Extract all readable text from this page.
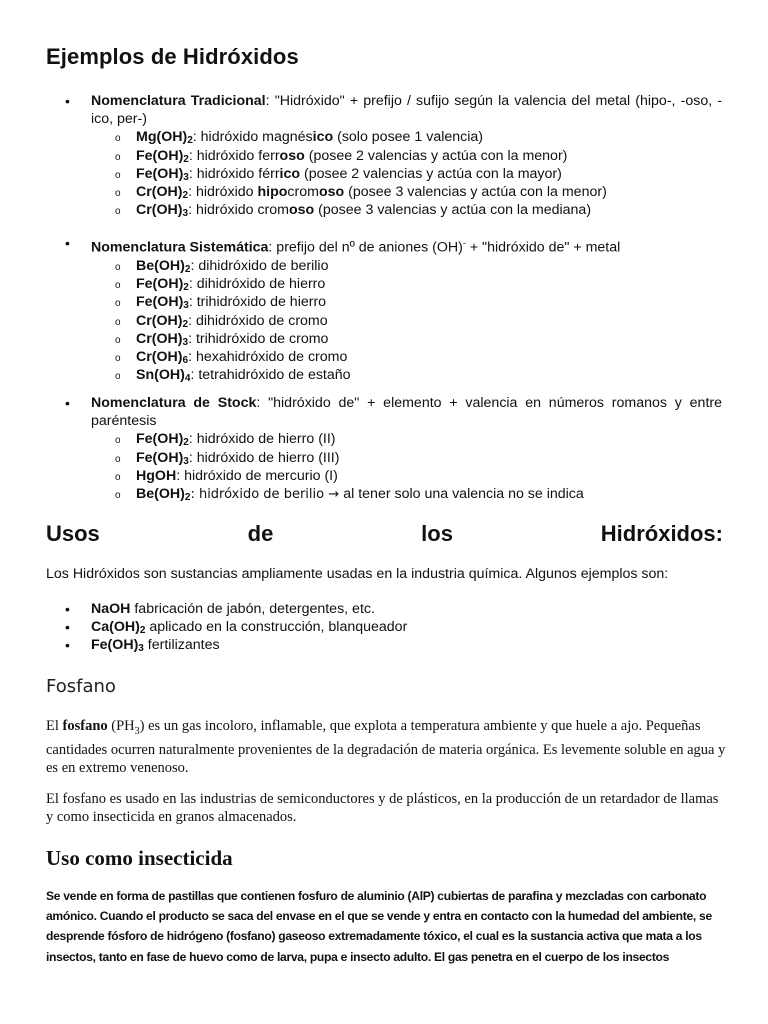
Ejemplos de Hidróxidos
• Nomenclatura Tradicional: "Hidróxido" + prefijo / sufijo según la valencia del metal (hipo-, -oso, -ico, per-)
o $Mg(OH)_2$: hidróxido magnésico (solo posee 1 valencia)
o $Fe(OH)_2$: hidróxido ferroso (posee 2 valencias y actúa con la menor)
o $Fe(OH)_3$: hidróxido férrico (posee 2 valencias y actúa con la mayor)
o $Cr(OH)_2$: hidróxido hipocromoso (posee 3 valencias y actúa con la menor)
o $Cr(OH)_3$: hidróxido cromoso (posee 3 valencias y actúa con la mediana)
• Nomenclatura Sistemática: prefijo del nº de aniones (OH)- + "hidróxido de" + metal
o $Be(OH)_2$: dihidróxido de berilio
o $Fe(OH)_2$: dihidróxido de hierro
o $Fe(OH)_3$: trihidróxido de hierro
o $Cr(OH)_2$: dihidróxido de cromo
o $Cr(OH)_3$: trihidróxido de cromo
o $Cr(OH)_6$: hexahidróxido de cromo
o $Sn(OH)_4$: tetrahidróxido de estaño
• Nomenclatura de Stock: "hidróxido de" + elemento + valencia en números romanos y entre paréntesis
o $Fe(OH)_2$: hidróxido de hierro (II)
o $Fe(OH)_3$: hidróxido de hierro (III)
o HgOH: hidróxido de mercurio (I)
o $Be(OH)_2$: hidróxido de berilio → al tener solo una valencia no se indica
Usos	de	los	Hidróxidos:
Los Hidróxidos son sustancias ampliamente usadas en la industria química. Algunos ejemplos son:
• NaOH fabricación de jabón, detergentes, etc.
• $Ca(OH)_2$ aplicado en la construcción, blanqueador
• $Fe(OH)_3$ fertilizantes
Fosfano
El fosfano $(PH_3)$ es un gas incoloro, inflamable, que explota a temperatura ambiente y que huele a ajo. Pequeñas cantidades ocurren naturalmente provenientes de la degradación de materia orgánica. Es levemente soluble en agua y es en extremo venenoso.
El fosfano es usado en las industrias de semiconductores y de plásticos, en la producción de un retardador de llamas y como insecticida en granos almacenados.
Uso como insecticida
Se vende en forma de pastillas que contienen fosfuro de aluminio (AlP) cubiertas de parafina y mezcladas con carbonato amónico. Cuando el producto se saca del envase en el que se vende y entra en contacto con la humedad del ambiente, se desprende fósforo de hidrógeno (fosfano) gaseoso extremadamente tóxico, el cual es la sustancia activa que mata a los insectos, tanto en fase de huevo como de larva, pupa e insecto adulto. El gas penetra en el cuerpo de los insectos
